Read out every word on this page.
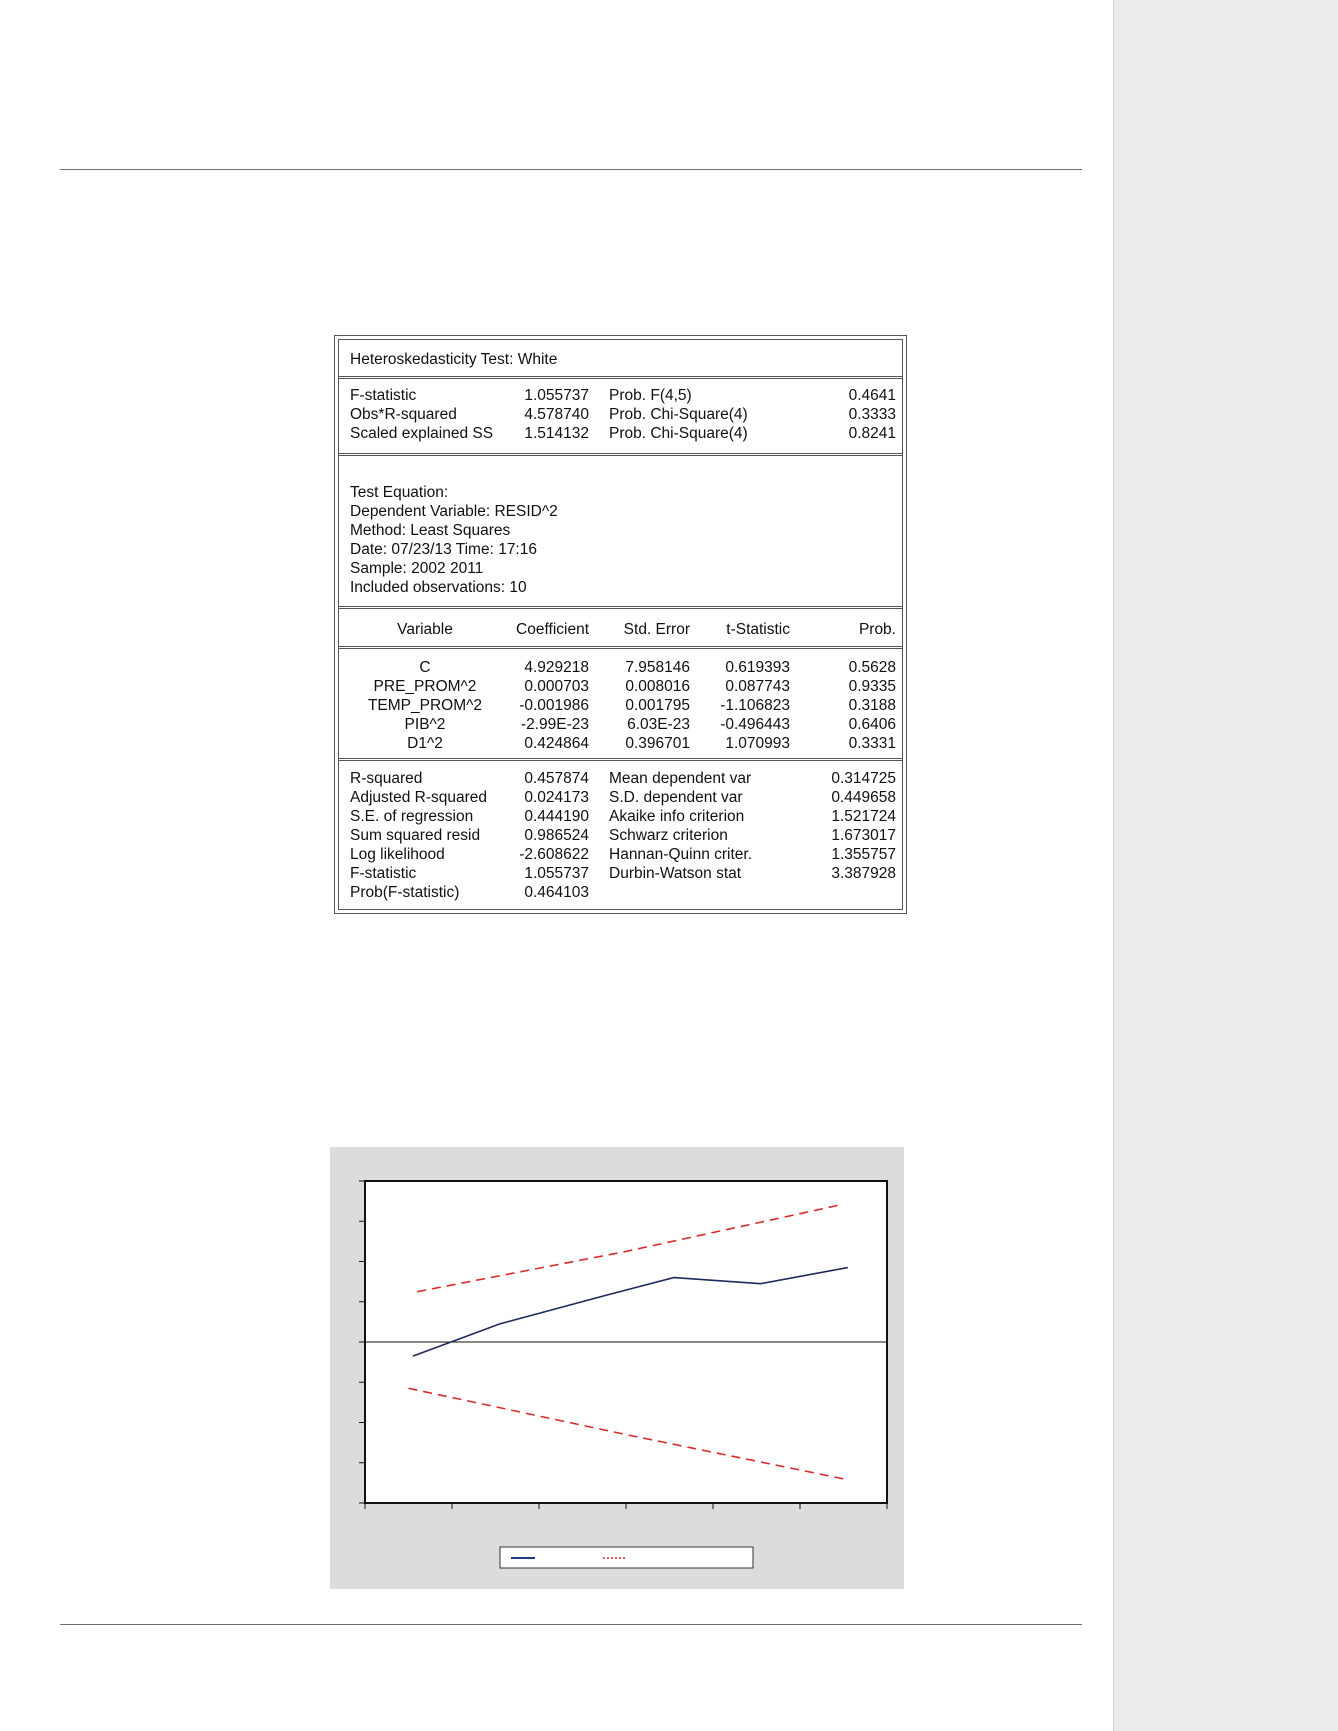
Heteroskedasticity Test: White
F-statistic	1.055737 Prob. F(4,5)	0.4641
Obs*R-squared	4.578740 Prob. Chi-Square(4)	0.3333
Scaled explained SS	1.514132 Prob. Chi-Square(4)	0.8241
Test Equation:
Dependent Variable: RESID^2
Method: Least Squares
Date: 07/23/13 Time: 17:16
Sample: 2002 2011
Included observations: 10
Variable	Coefficient	Std. Error	t-Statistic	Prob.
C	4.929218	7.958146	0.619393	0.5628
PRE_PROM^2	0.000703	0.008016	0.087743	0.9335
TEMP_PROM^2	-0.001986	0.001795	-1.106823	0.3188
PIB^2	-2.99E-23	6.03E-23	-0.496443	0.6406
D1^2	0.424864	0.396701	1.070993	0.3331
R-squared	0.457874 Mean dependent var	0.314725
Adjusted R-squared	0.024173 S.D. dependent var	0.449658
S.E. of regression	0.444190 Akaike info criterion	1.521724
Sum squared resid	0.986524 Schwarz criterion	1.673017
Log likelihood	-2.608622 Hannan-Quinn criter.	1.355757
F-statistic	1.055737 Durbin-Watson stat	3.387928
Prob(F-statistic)	0.464103
